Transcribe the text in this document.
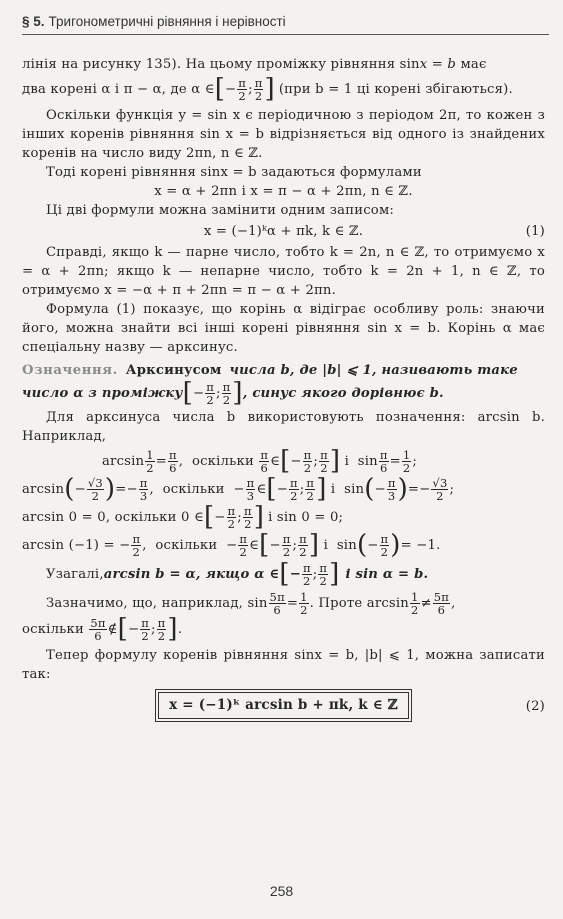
§ 5. Тригонометричні рівняння і нерівності

лінія на рисунку 135). На цьому проміжку рівняння sinx = b має

два корені α і π − α, де α ∈ [ − $\frac{\pi}{2}$ ; $\frac{\pi}{2}$ ] (при b = 1 ці корені збігаються).

Оскільки функція y = sin x є періодичною з періодом 2π, то кожен з інших коренів рівняння sin x = b відрізняється від одного із знайдених коренів на число виду 2πn, n ∈ ℤ.

Тоді корені рівняння sinx = b задаються формулами

x = α + 2πn і x = π − α + 2πn, n ∈ ℤ.

Ці дві формули можна замінити одним записом:

x = (−1)ᵏα + πk, k ∈ ℤ.	(1)

Справді, якщо k — парне число, тобто k = 2n, n ∈ ℤ, то отримуємо x = α + 2πn; якщо k — непарне число, тобто k = 2n + 1, n ∈ ℤ, то отримуємо x = −α + π + 2πn = π − α + 2πn.

Формула (1) показує, що корінь α відіграє особливу роль: знаючи його, можна знайти всі інші корені рівняння sin x = b. Корінь α має спеціальну назву — арксинус.

Означення. Арксинусом числа b, де |b| ⩽ 1, називають таке
число α з проміжку [ − $\frac{\pi}{2}$ ; $\frac{\pi}{2}$ ] , синус якого дорівнює b.

Для арксинуса числа b використовують позначення: arcsin b. Наприклад,

$\arcsin \frac{1}{2} = \frac{\pi}{6}$ ,  оскільки $\frac{\pi}{6}$ ∈ [ − $\frac{\pi}{2}$ ; $\frac{\pi}{2}$ ] і  $\sin \frac{\pi}{6} = \frac{1}{2}$ ;
arcsin ( − $\frac{√3}{2}$ ) =− $\frac{\pi}{3}$ ,  оскільки  − $\frac{\pi}{3}$ ∈ [ − $\frac{\pi}{2}$ ; $\frac{\pi}{2}$ ] і  sin ( − $\frac{\pi}{3}$ ) =− $\frac{√3}{2}$ ;
arcsin 0 = 0, оскільки 0 ∈ [ − $\frac{\pi}{2}$ ; $\frac{\pi}{2}$ ] і sin 0 = 0;
arcsin (−1) = − $\frac{\pi}{2}$ ,  оскільки  − $\frac{\pi}{2}$ ∈ [ − $\frac{\pi}{2}$ ; $\frac{\pi}{2}$ ] і  sin ( − $\frac{\pi}{2}$ ) = −1.
Узагалі, arcsin b = α, якщо α ∈ [ − $\frac{\pi}{2}$ ; $\frac{\pi}{2}$ ] і sin α = b.
Зазначимо, що, наприклад, $\sin \frac{5\pi}{6} = \frac{1}{2}$ . Проте $\arcsin \frac{1}{2} \ne \frac{5\pi}{6}$ ,
оскільки
$\frac{5\pi}{6}$ ∉ [ − $\frac{\pi}{2}$ ; $\frac{\pi}{2}$ ] .

Тепер формулу коренів рівняння sinx = b, |b| ⩽ 1, можна записати так:

x = (−1)ᵏ arcsin b + πk, k ∈ ℤ	(2)
258
